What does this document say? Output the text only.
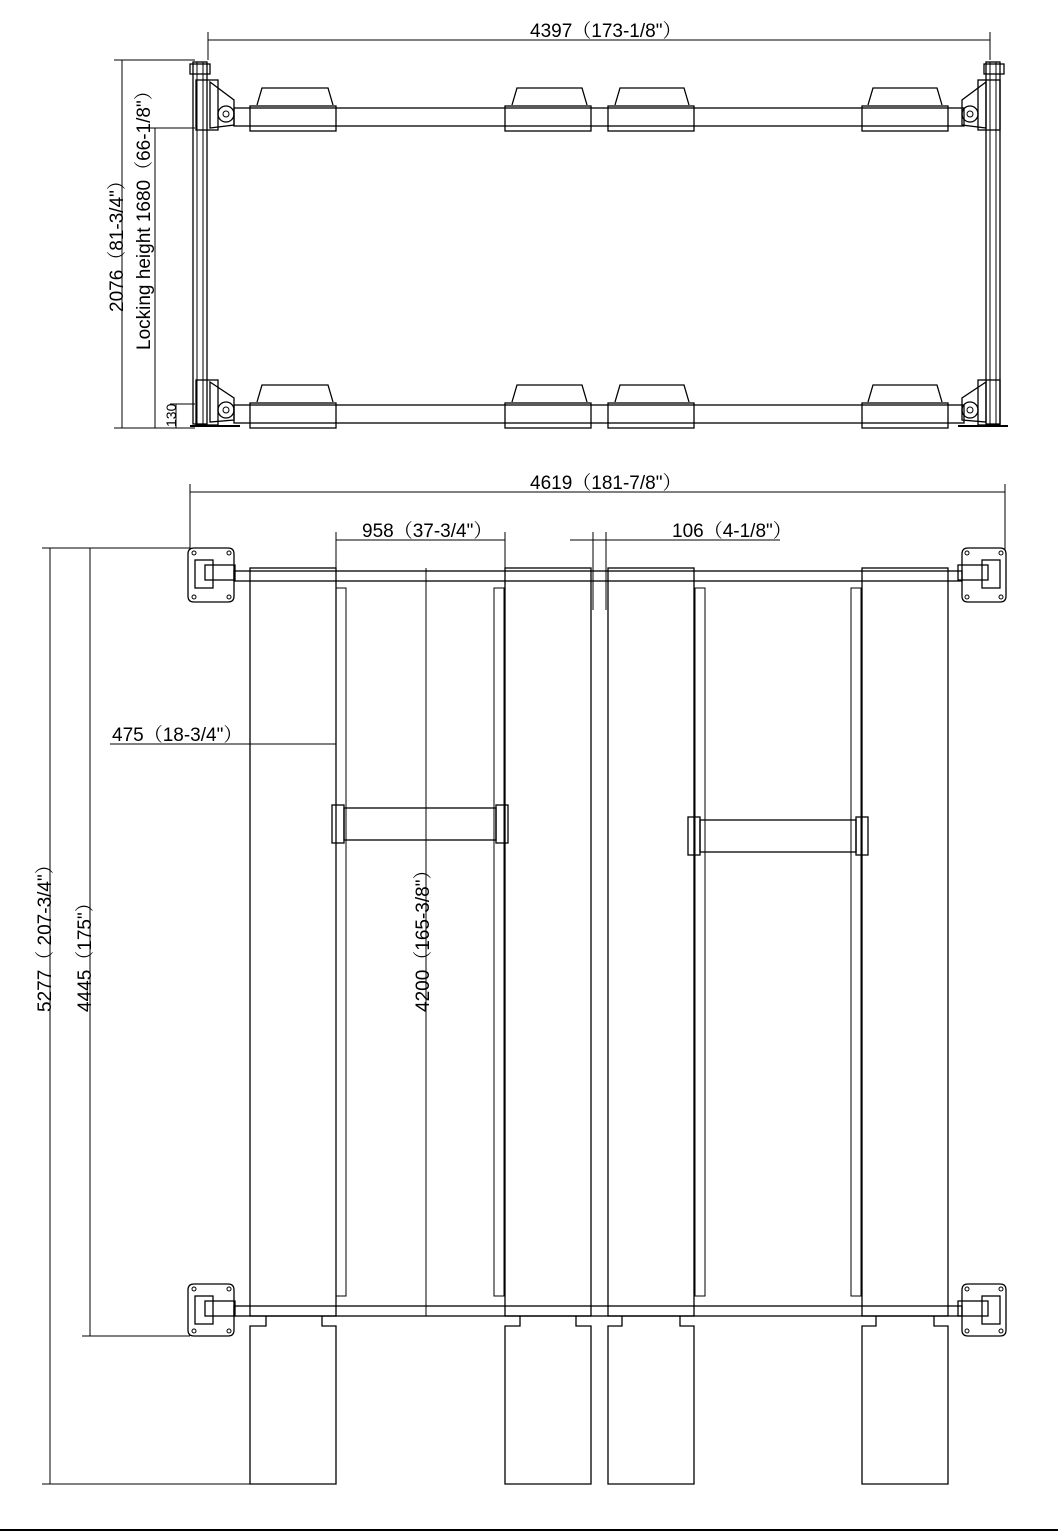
4397（173-1/8"）
2076（81-3/4"） Locking height 1680（66-1/8"）
130
4619（181-7/8"）
958（37-3/4"）	106（4-1/8"）
475（18-3/4"）
4200（165-3/8"）
5277（ 207-3/4"） 4445（175"）
